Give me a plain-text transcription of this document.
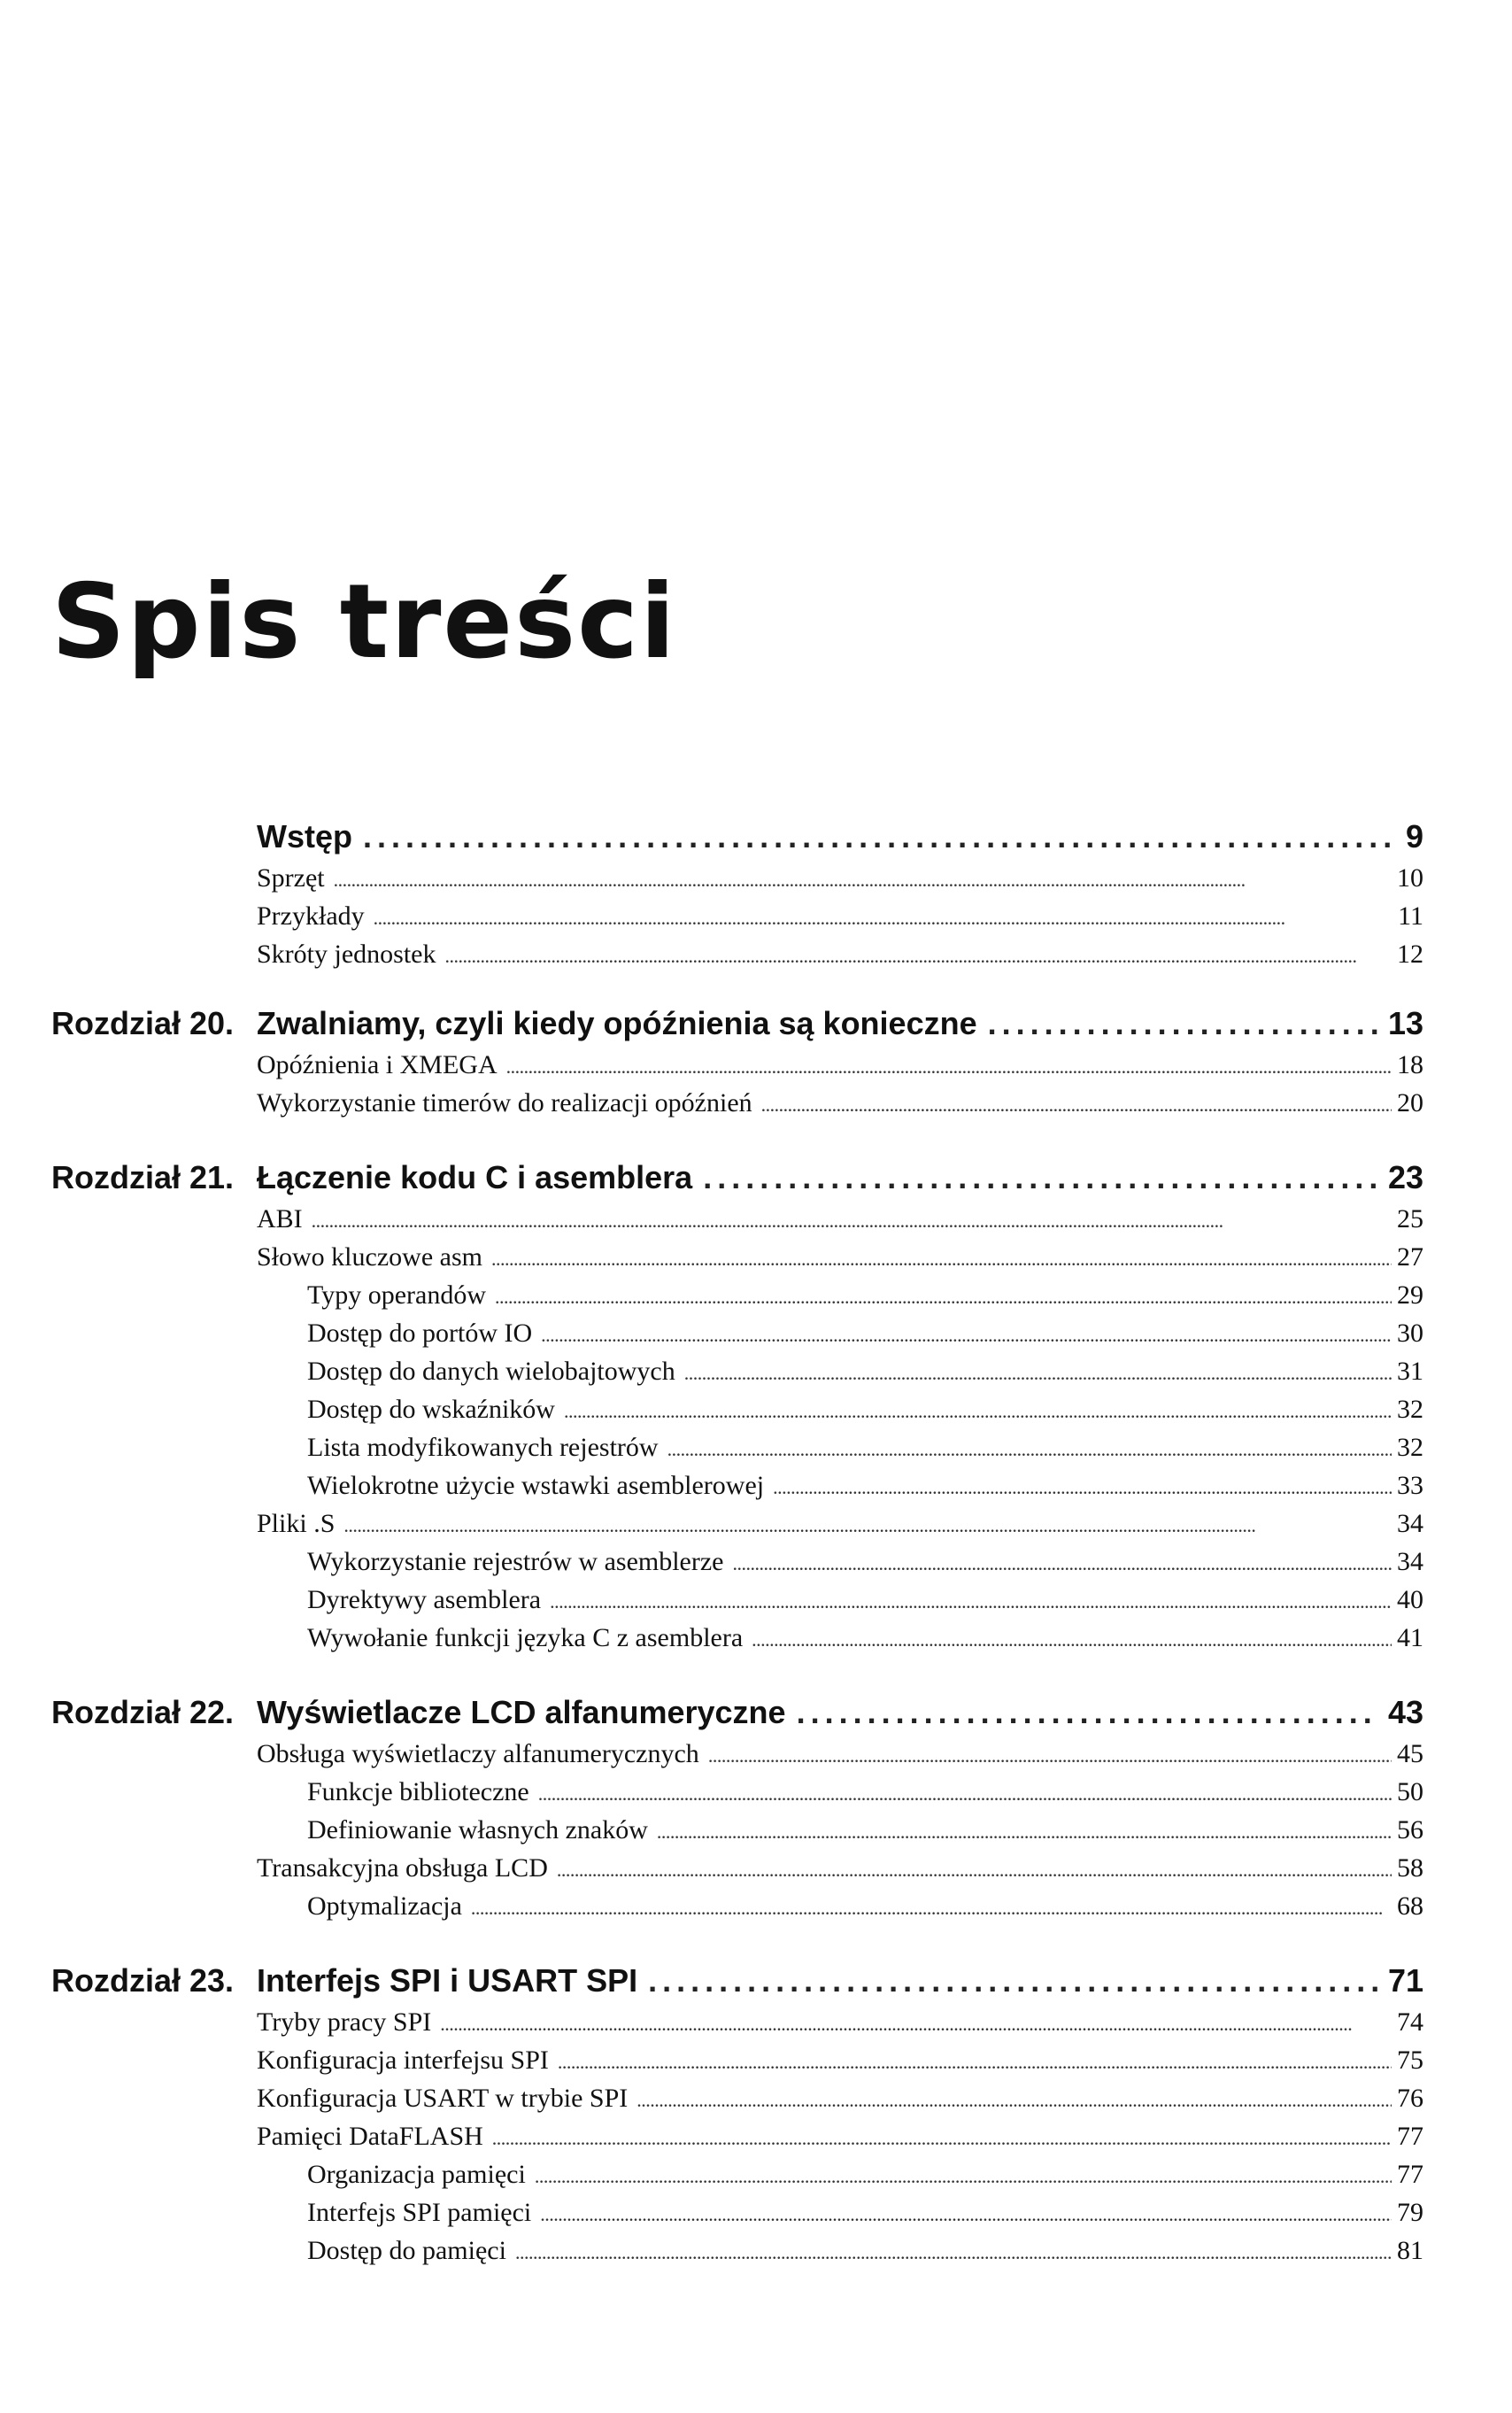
Spis treści
Wstęp . . .	9
Sprzęt . . .	10
Przykłady . . .	11
Skróty jednostek . . .	12
Rozdział 20. Zwalniamy, czyli kiedy opóźnienia są konieczne . . .	13
Opóźnienia i XMEGA . . .	18
Wykorzystanie timerów do realizacji opóźnień . . .	20
Rozdział 21. Łączenie kodu C i asemblera . . .	23
ABI . . .	25
Słowo kluczowe asm . . .	27
Typy operandów . . .	29
Dostęp do portów IO . . .	30
Dostęp do danych wielobajtowych . . .	31
Dostęp do wskaźników . . .	32
Lista modyfikowanych rejestrów . . .	32
Wielokrotne użycie wstawki asemblerowej . . .	33
Pliki .S . . .	34
Wykorzystanie rejestrów w asemblerze . . .	34
Dyrektywy asemblera . . .	40
Wywołanie funkcji języka C z asemblera . . .	41
Rozdział 22. Wyświetlacze LCD alfanumeryczne . . .	43
Obsługa wyświetlaczy alfanumerycznych . . .	45
Funkcje biblioteczne . . .	50
Definiowanie własnych znaków . . .	56
Transakcyjna obsługa LCD . . .	58
Optymalizacja . . .	68
Rozdział 23. Interfejs SPI i USART SPI . . .	71
Tryby pracy SPI . . .	74
Konfiguracja interfejsu SPI . . .	75
Konfiguracja USART w trybie SPI . . .	76
Pamięci DataFLASH . . .	77
Organizacja pamięci . . .	77
Interfejs SPI pamięci . . .	79
Dostęp do pamięci . . .	81
